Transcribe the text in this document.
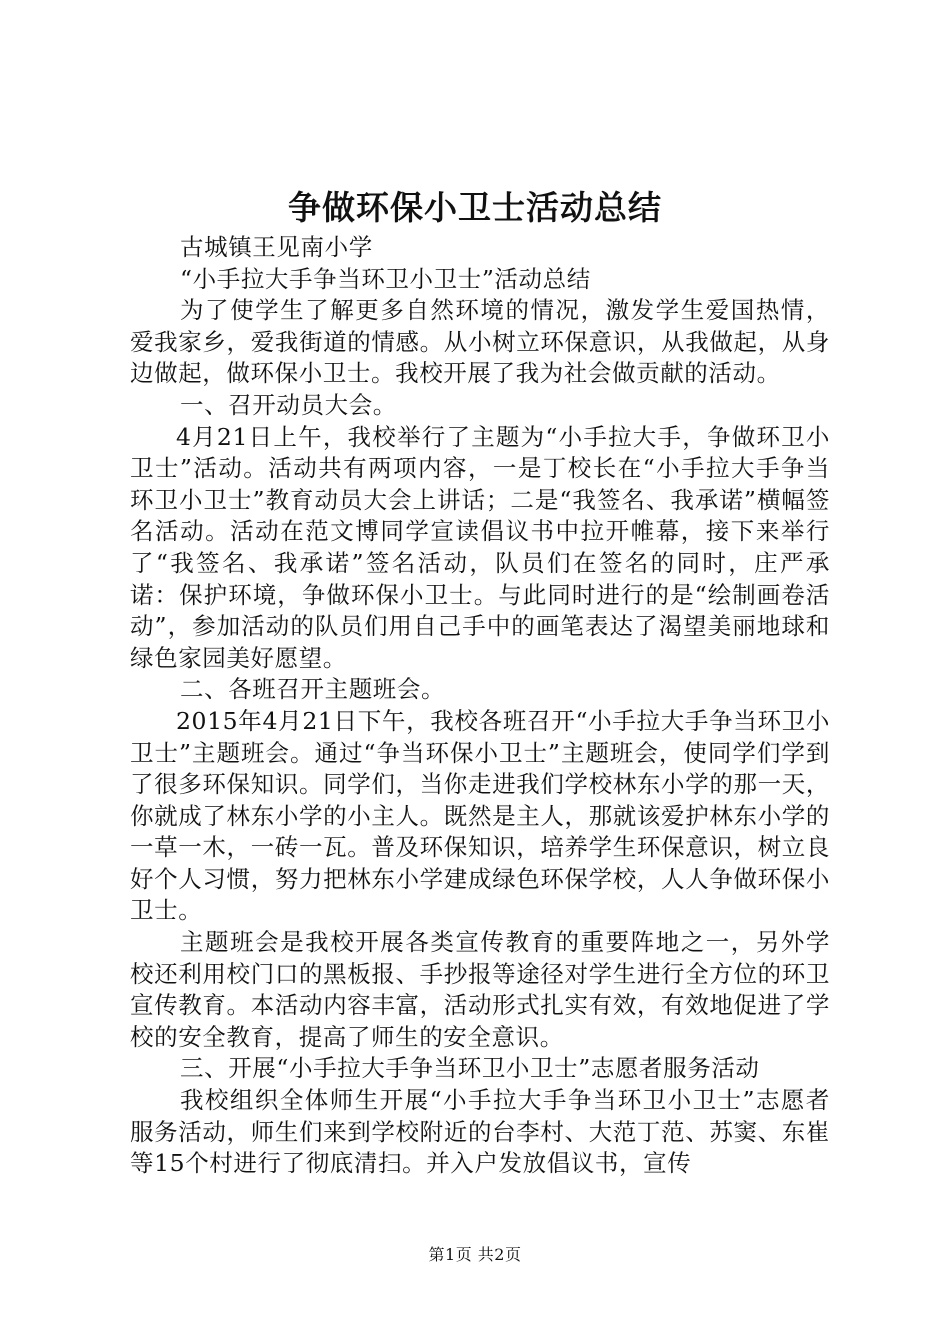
争做环保小卫士活动总结

古城镇王见南小学

“小手拉大手争当环卫小卫士”活动总结

为了使学生了解更多自然环境的情况，激发学生爱国热情，爱我家乡，爱我街道的情感。从小树立环保意识，从我做起，从身边做起，做环保小卫士。我校开展了我为社会做贡献的活动。

一、召开动员大会。

4月21日上午，我校举行了主题为“小手拉大手，争做环卫小卫士”活动。活动共有两项内容，一是丁校长在“小手拉大手争当环卫小卫士”教育动员大会上讲话；二是“我签名、我承诺”横幅签名活动。活动在范文博同学宣读倡议书中拉开帷幕，接下来举行了“我签名、我承诺”签名活动，队员们在签名的同时，庄严承诺：保护环境，争做环保小卫士。与此同时进行的是“绘制画卷活动”，参加活动的队员们用自己手中的画笔表达了渴望美丽地球和绿色家园美好愿望。

二、各班召开主题班会。

2015年4月21日下午，我校各班召开“小手拉大手争当环卫小卫士”主题班会。通过“争当环保小卫士”主题班会，使同学们学到了很多环保知识。同学们，当你走进我们学校林东小学的那一天，你就成了林东小学的小主人。既然是主人，那就该爱护林东小学的一草一木，一砖一瓦。普及环保知识，培养学生环保意识，树立良好个人习惯，努力把林东小学建成绿色环保学校，人人争做环保小卫士。

主题班会是我校开展各类宣传教育的重要阵地之一，另外学校还利用校门口的黑板报、手抄报等途径对学生进行全方位的环卫宣传教育。本活动内容丰富，活动形式扎实有效，有效地促进了学校的安全教育，提高了师生的安全意识。

三、开展“小手拉大手争当环卫小卫士”志愿者服务活动

我校组织全体师生开展“小手拉大手争当环卫小卫士”志愿者服务活动，师生们来到学校附近的台李村、大范丁范、苏窦、东崔等15个村进行了彻底清扫。并入户发放倡议书，宣传

第1页 共2页
